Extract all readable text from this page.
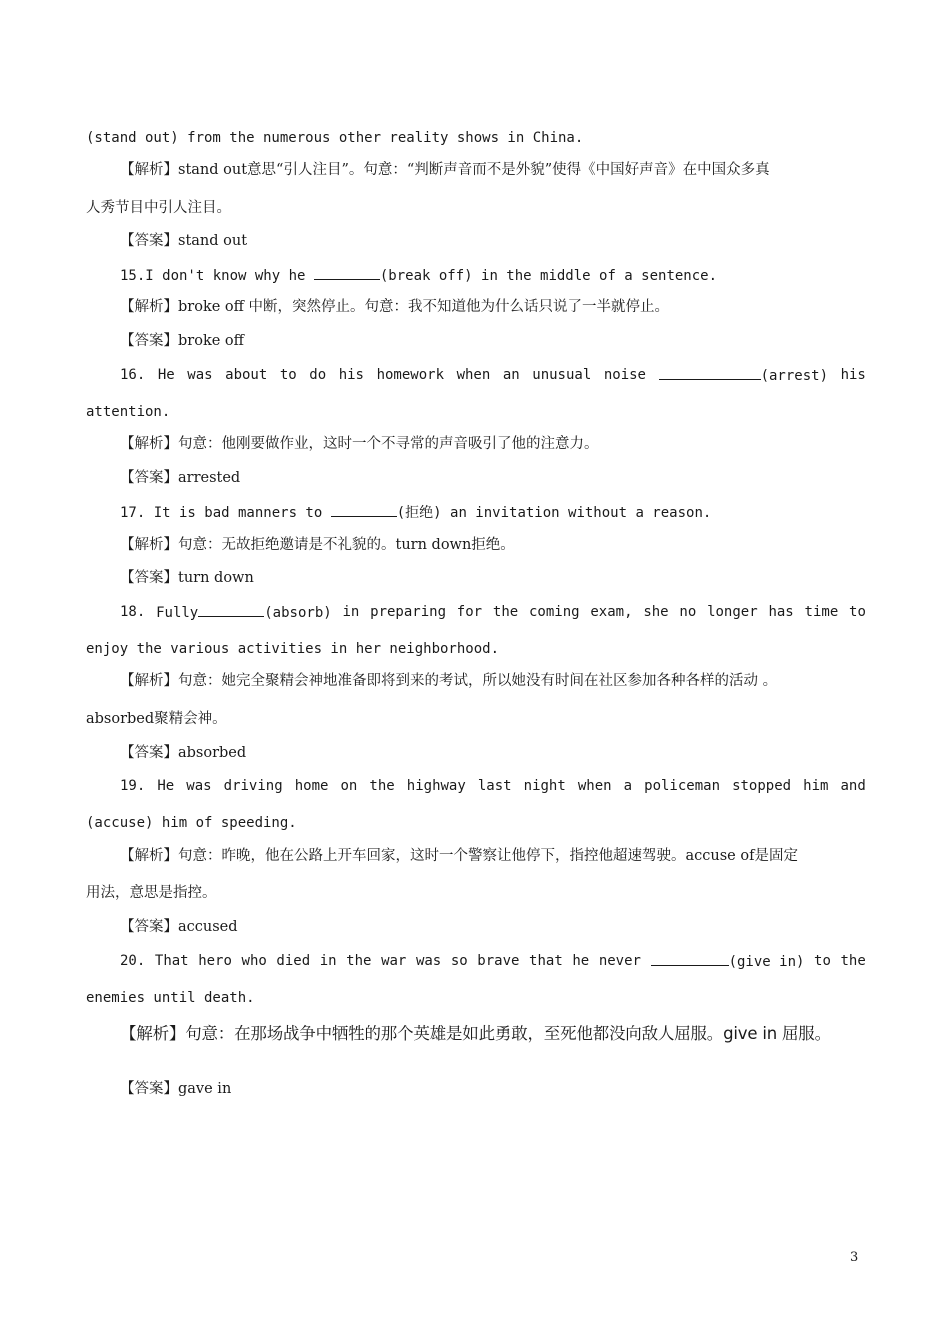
(stand out) from the numerous other reality shows in China.
【解析】stand out意思“引人注目”。句意：“判断声音而不是外貌”使得《中国好声音》在中国众多真
人秀节目中引人注目。
【答案】stand out
15.I don't know why he	(break off) in the middle of a sentence.
【解析】broke off 中断，突然停止。句意：我不知道他为什么话只说了一半就停止。
【答案】broke off
16. He was about to do his homework when an unusual noise	(arrest) his
attention.
【解析】句意：他刚要做作业，这时一个不寻常的声音吸引了他的注意力。
【答案】arrested
17. It is bad manners to	(拒绝) an invitation without a reason.
【解析】句意：无故拒绝邀请是不礼貌的。turn down拒绝。
【答案】turn down
18. Fully	(absorb) in preparing for the coming exam, she no longer has time to
enjoy the various activities in her neighborhood.
【解析】句意：她完全聚精会神地准备即将到来的考试，所以她没有时间在社区参加各种各样的活动 。
absorbed聚精会神。
【答案】absorbed
19. He was driving home on the highway last night when a policeman stopped him and
(accuse) him of speeding.
【解析】句意：昨晚，他在公路上开车回家，这时一个警察让他停下，指控他超速驾驶。accuse of是固定
用法，意思是指控。
【答案】accused
20. That hero who died in the war was so brave that he never	(give in) to the
enemies until death.
【解析】句意：在那场战争中牺牲的那个英雄是如此勇敢，至死他都没向敌人屈服。give in 屈服。
【答案】gave in
3
